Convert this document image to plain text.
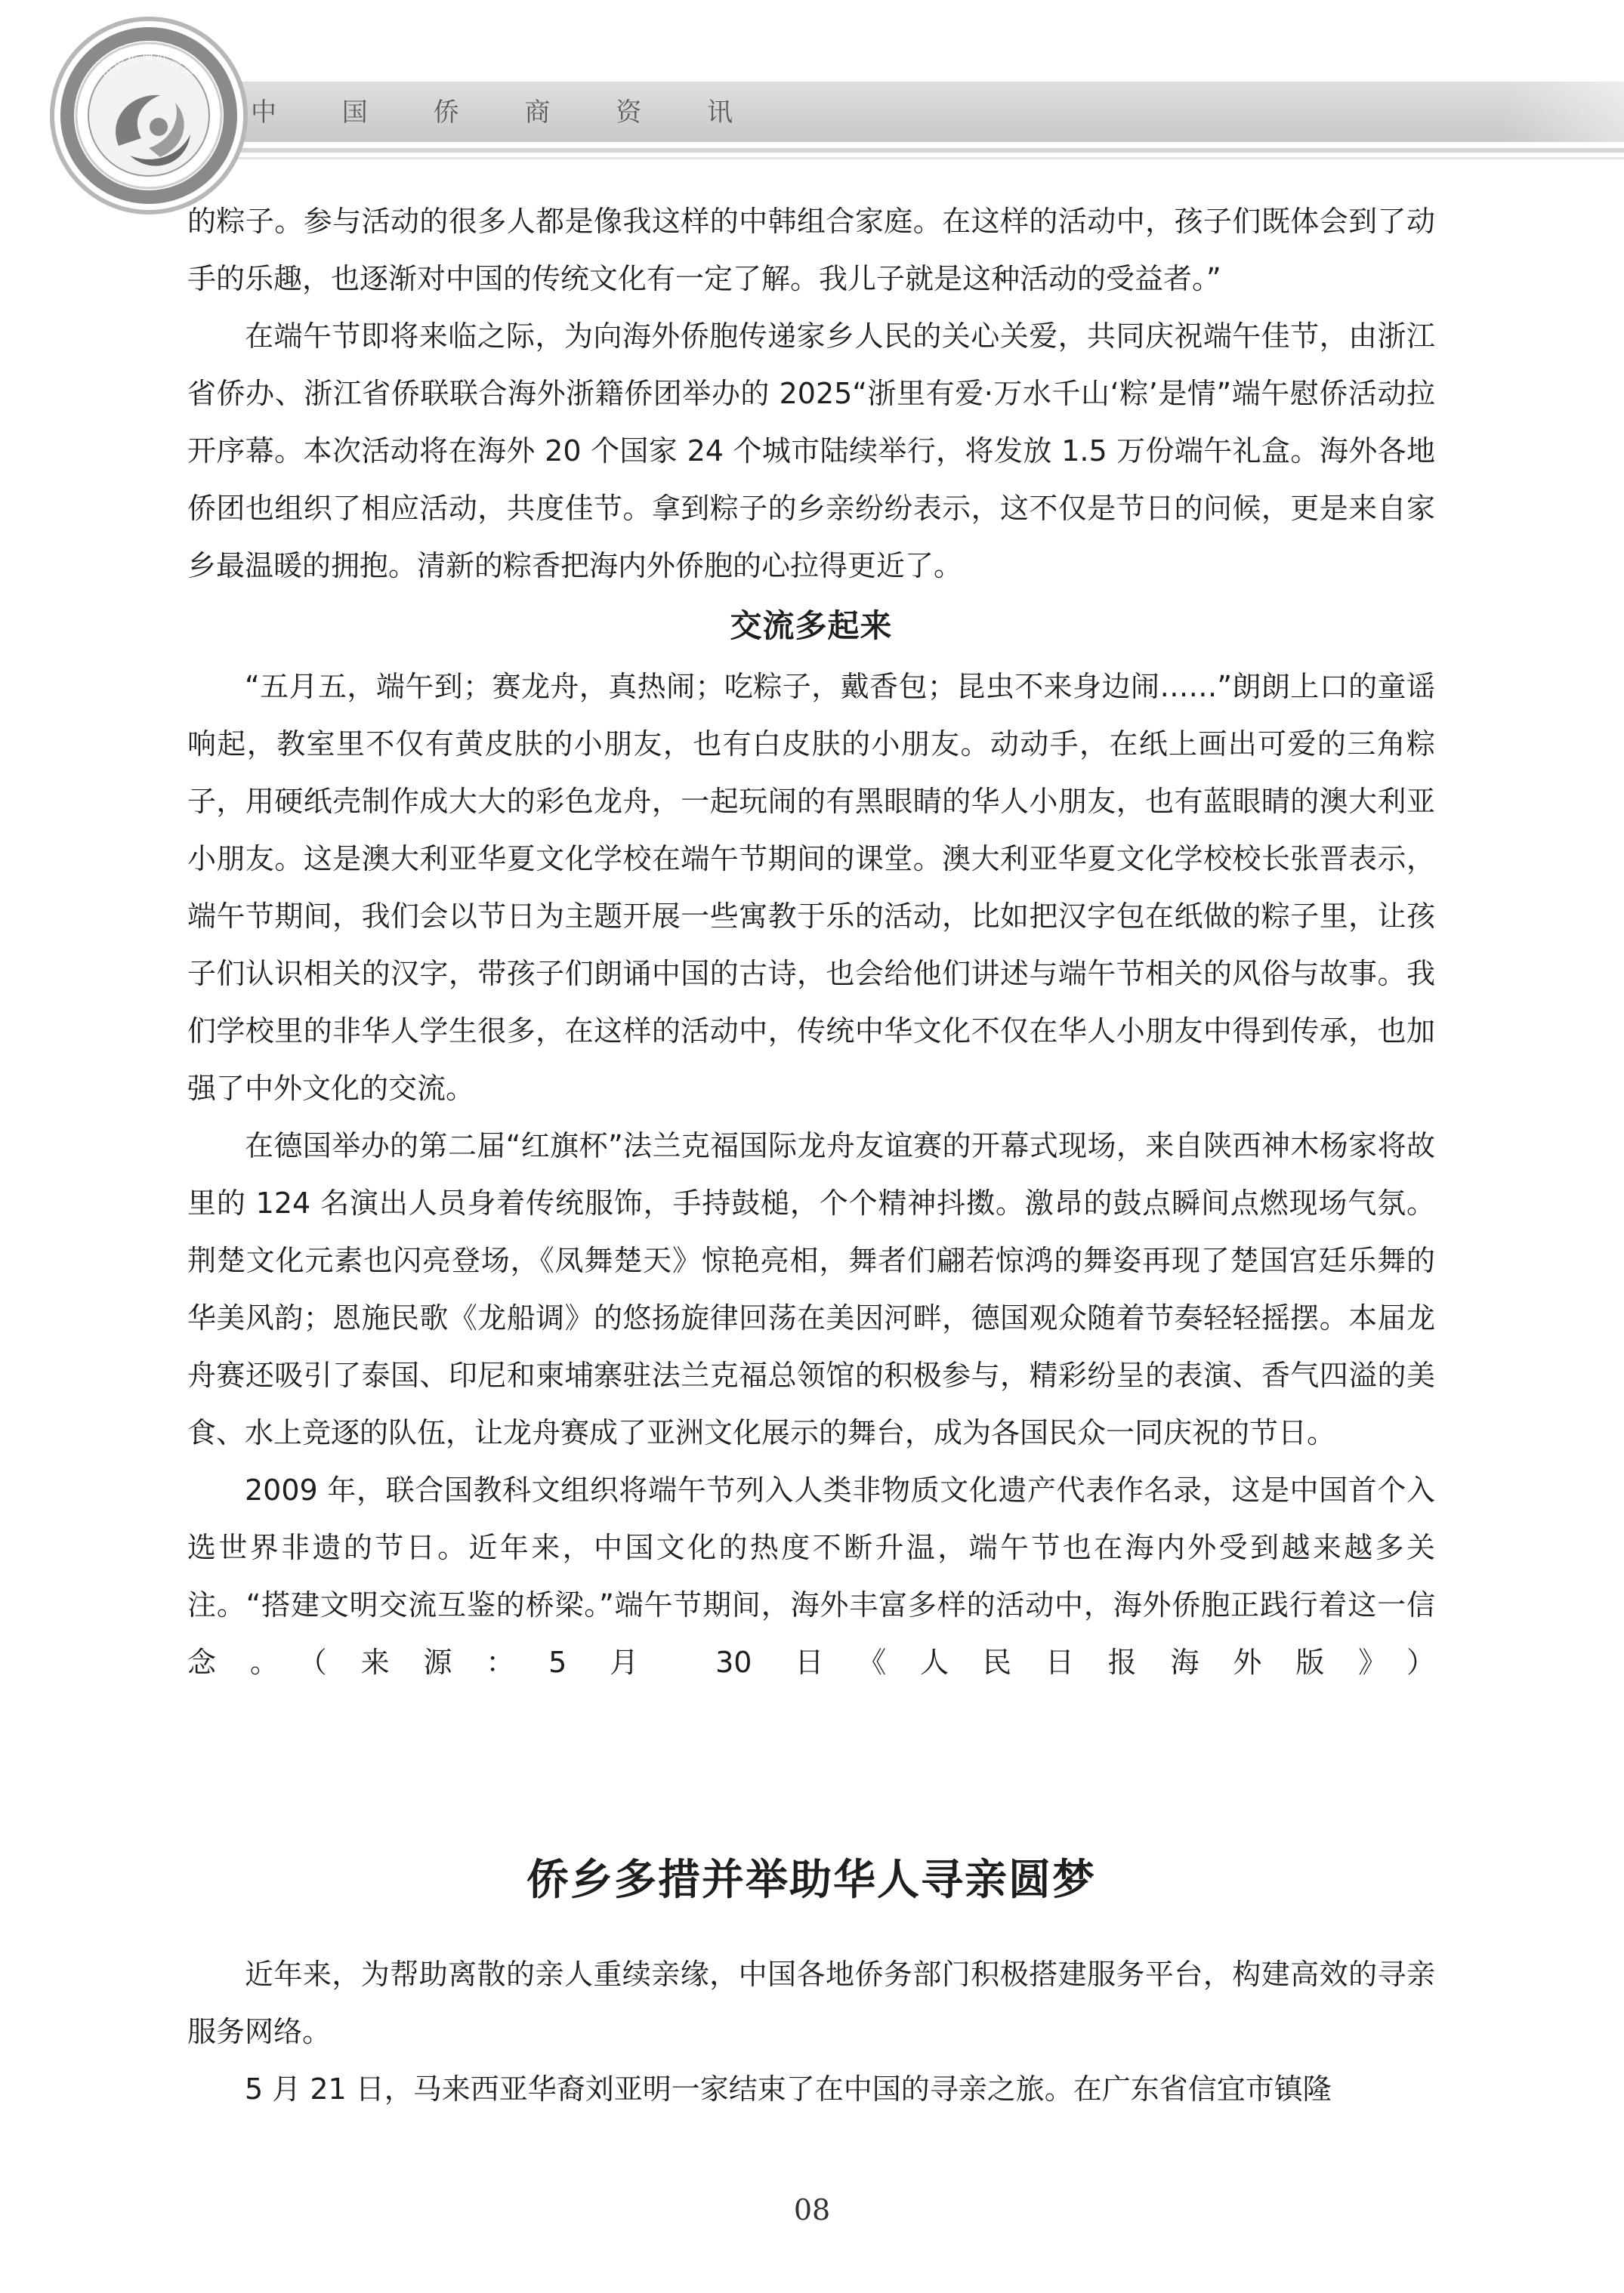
中 国 侨 商 资 讯
中国侨商联合会

的粽子。参与活动的很多人都是像我这样的中韩组合家庭。在这样的活动中，孩子们既体会到了动手的乐趣，也逐渐对中国的传统文化有一定了解。我儿子就是这种活动的受益者。”

在端午节即将来临之际，为向海外侨胞传递家乡人民的关心关爱，共同庆祝端午佳节，由浙江省侨办、浙江省侨联联合海外浙籍侨团举办的 2025“浙里有爱·万水千山‘粽’是情”端午慰侨活动拉开序幕。本次活动将在海外 20 个国家 24 个城市陆续举行，将发放 1.5 万份端午礼盒。海外各地侨团也组织了相应活动，共度佳节。拿到粽子的乡亲纷纷表示，这不仅是节日的问候，更是来自家乡最温暖的拥抱。清新的粽香把海内外侨胞的心拉得更近了。

交流多起来

“五月五，端午到；赛龙舟，真热闹；吃粽子，戴香包；昆虫不来身边闹……”朗朗上口的童谣响起，教室里不仅有黄皮肤的小朋友，也有白皮肤的小朋友。动动手，在纸上画出可爱的三角粽子，用硬纸壳制作成大大的彩色龙舟，一起玩闹的有黑眼睛的华人小朋友，也有蓝眼睛的澳大利亚小朋友。这是澳大利亚华夏文化学校在端午节期间的课堂。澳大利亚华夏文化学校校长张晋表示，端午节期间，我们会以节日为主题开展一些寓教于乐的活动，比如把汉字包在纸做的粽子里，让孩子们认识相关的汉字，带孩子们朗诵中国的古诗，也会给他们讲述与端午节相关的风俗与故事。我们学校里的非华人学生很多，在这样的活动中，传统中华文化不仅在华人小朋友中得到传承，也加强了中外文化的交流。

在德国举办的第二届“红旗杯”法兰克福国际龙舟友谊赛的开幕式现场，来自陕西神木杨家将故里的 124 名演出人员身着传统服饰，手持鼓槌，个个精神抖擞。激昂的鼓点瞬间点燃现场气氛。荆楚文化元素也闪亮登场，《凤舞楚天》惊艳亮相，舞者们翩若惊鸿的舞姿再现了楚国宫廷乐舞的华美风韵；恩施民歌《龙船调》的悠扬旋律回荡在美因河畔，德国观众随着节奏轻轻摇摆。本届龙舟赛还吸引了泰国、印尼和柬埔寨驻法兰克福总领馆的积极参与，精彩纷呈的表演、香气四溢的美食、水上竞逐的队伍，让龙舟赛成了亚洲文化展示的舞台，成为各国民众一同庆祝的节日。

2009 年，联合国教科文组织将端午节列入人类非物质文化遗产代表作名录，这是中国首个入选世界非遗的节日。近年来，中国文化的热度不断升温，端午节也在海内外受到越来越多关注。“搭建文明交流互鉴的桥梁。”端午节期间，海外丰富多样的活动中，海外侨胞正践行着这一信念。（来源：5 月 30 日《人民日报海外版》）

侨乡多措并举助华人寻亲圆梦

近年来，为帮助离散的亲人重续亲缘，中国各地侨务部门积极搭建服务平台，构建高效的寻亲服务网络。

5 月 21 日，马来西亚华裔刘亚明一家结束了在中国的寻亲之旅。在广东省信宜市镇隆

08
